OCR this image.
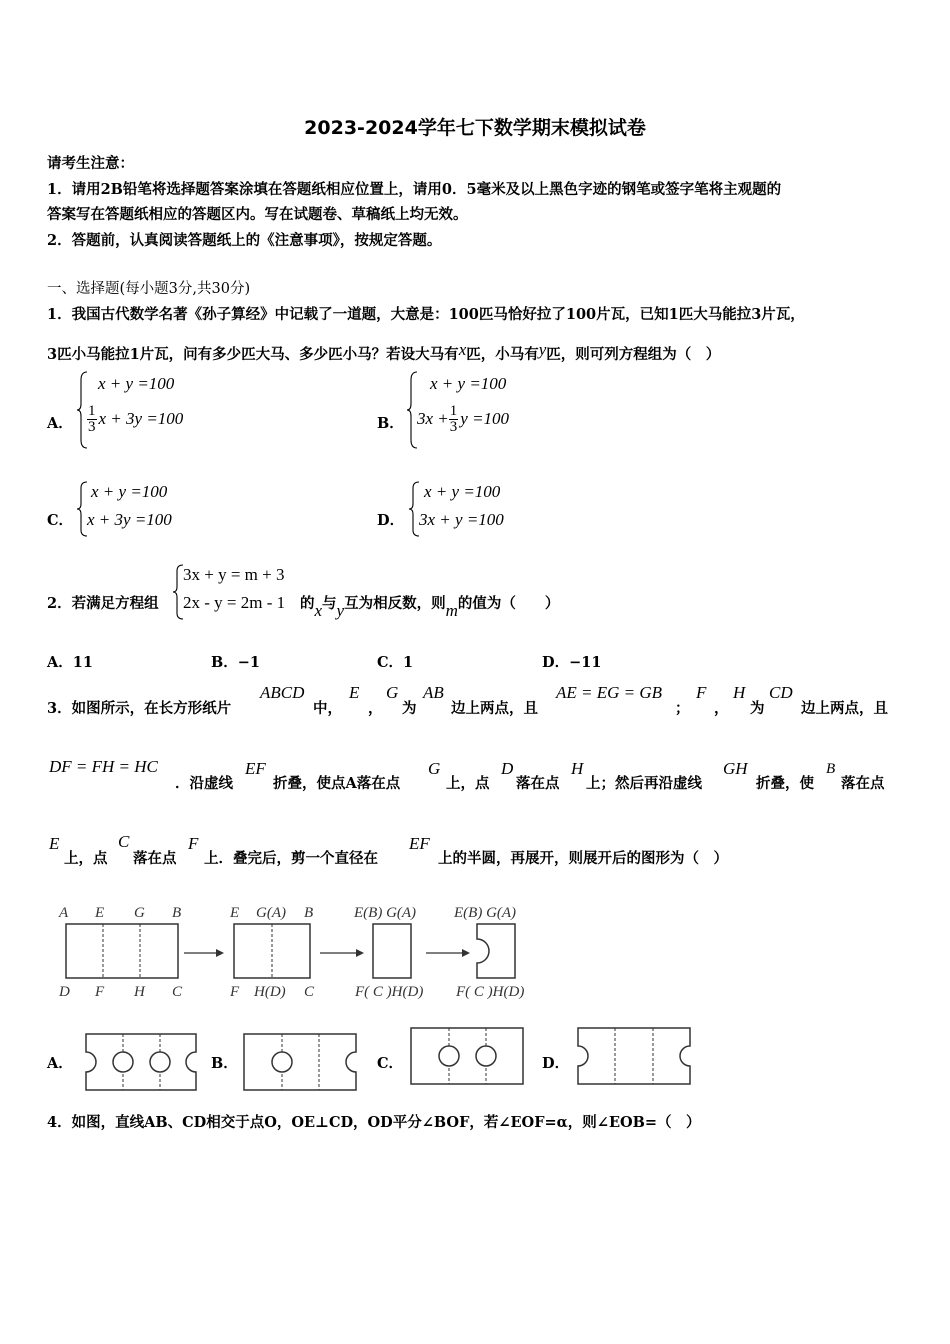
2023-2024学年七下数学期末模拟试卷
请考生注意：
1．请用2B铅笔将选择题答案涂填在答题纸相应位置上，请用0．5毫米及以上黑色字迹的钢笔或签字笔将主观题的
答案写在答题纸相应的答题区内。写在试题卷、草稿纸上均无效。
2．答题前，认真阅读答题纸上的《注意事项》，按规定答题。
一、选择题(每小题3分,共30分)
1．我国古代数学名著《孙子算经》中记载了一道题，大意是：100匹马恰好拉了100片瓦，已知1匹大马能拉3片瓦，
3匹小马能拉1片瓦，问有多少匹大马、多少匹小马？若设大马有x匹，小马有y匹，则可列方程组为（　）
A．
x + y =100
$\frac{1}{3}$ x + 3y =100	B．
x + y =100
$3x + \frac{1}{3}$ y =100
C．
x + y =100
x + 3y =100	D．
x + y =100
3x + y =100
2．若满足方程组
3x + y = m + 3
2x - y = 2m - 1 的x与y互为相反数，则m的值为（　　）
A．11	B．−1	C．1	D．−11
3．如图所示，在长方形纸片
ABCD
中，
E
，
G
为
AB
边上两点，且
AE = EG = GB
；
F
，
H
为
CD
边上两点，且
DF = FH = HC
．沿虚线
EF
折叠，使点A落在点
G
上，点
D
落在点
H
上；然后再沿虚线
GH
折叠，使
B
落在点
E
上，点
C
落在点
F
上．叠完后，剪一个直径在
EF
上的半圆，再展开，则展开后的图形为（　）
A E G B
D F H C
E G(A) B
F H(D) C
E(B) G(A)
F( C )H(D)
E(B) G(A)
F( C )H(D)
A．	B．	C．	D．
4．如图，直线AB、CD相交于点O，OE⊥CD，OD平分∠BOF，若∠EOF=α，则∠EOB=（　）
